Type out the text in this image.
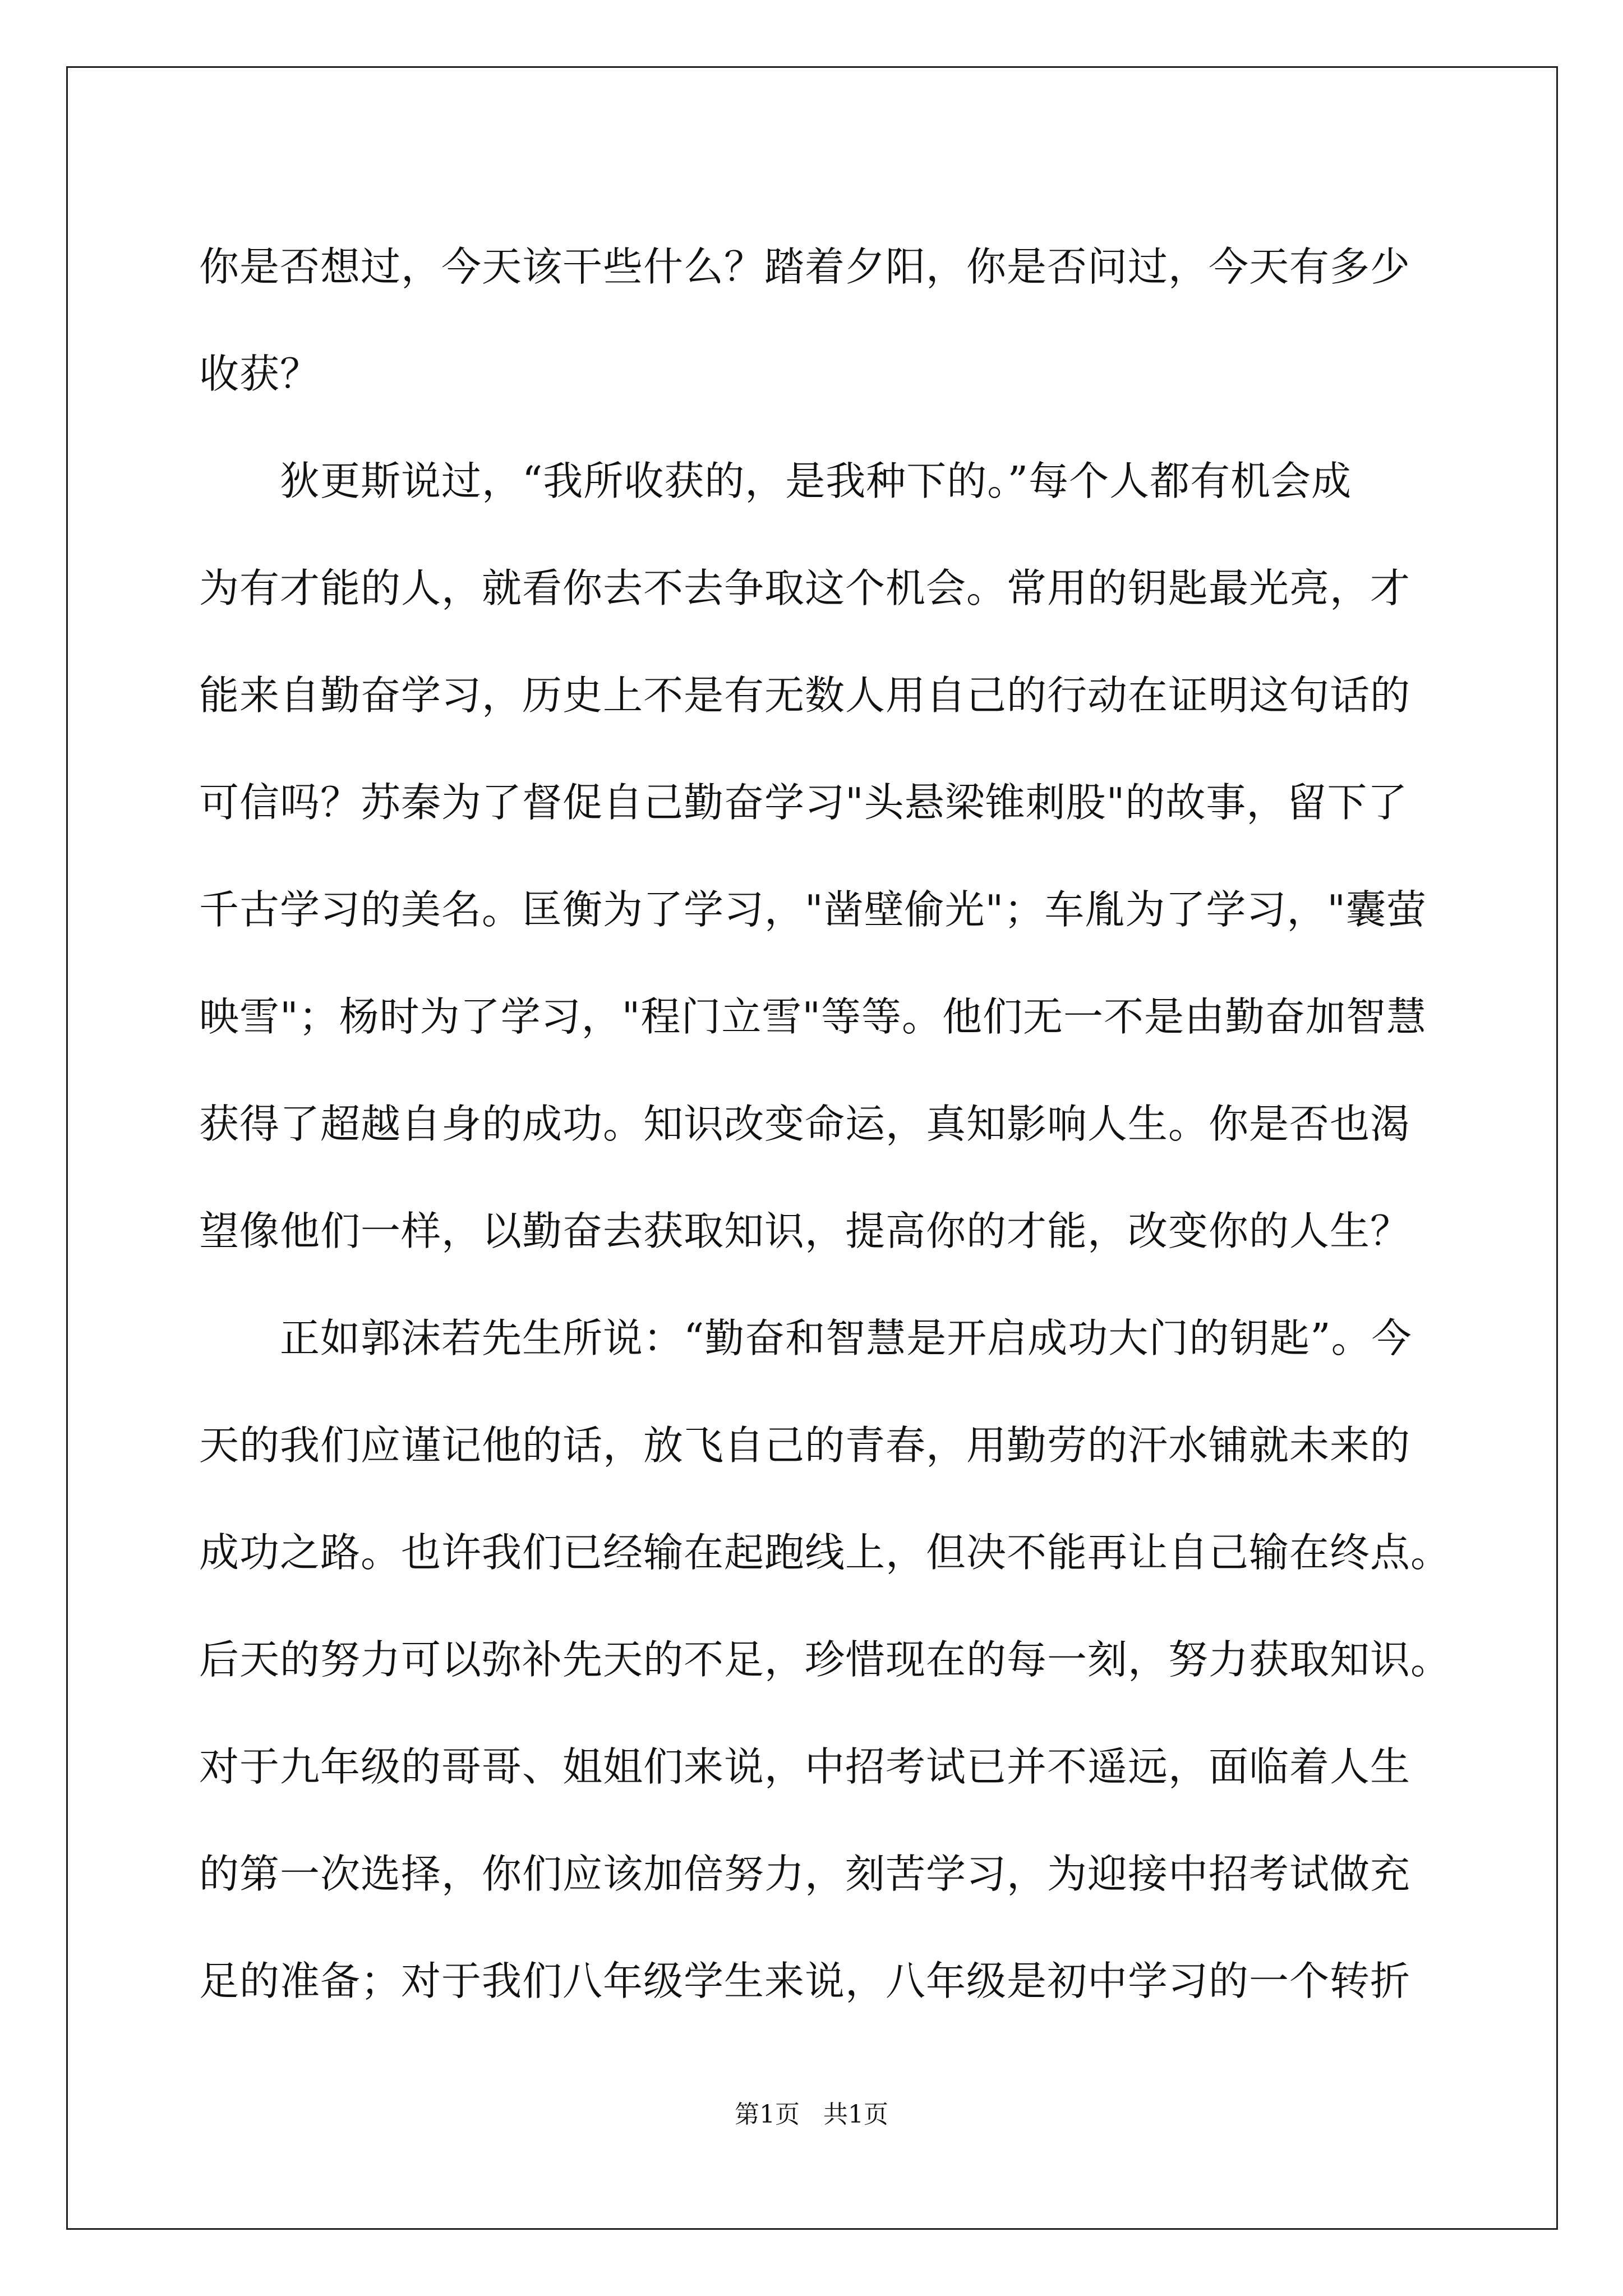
你是否想过，今天该干些什么？踏着夕阳，你是否问过，今天有多少
收获？
　　狄更斯说过，“我所收获的，是我种下的。”每个人都有机会成
为有才能的人，就看你去不去争取这个机会。常用的钥匙最光亮，才
能来自勤奋学习，历史上不是有无数人用自己的行动在证明这句话的
可信吗？苏秦为了督促自己勤奋学习"头悬梁锥刺股"的故事，留下了
千古学习的美名。匡衡为了学习，"凿壁偷光"；车胤为了学习，"囊萤
映雪"；杨时为了学习，"程门立雪"等等。他们无一不是由勤奋加智慧
获得了超越自身的成功。知识改变命运，真知影响人生。你是否也渴
望像他们一样，以勤奋去获取知识，提高你的才能，改变你的人生？
　　正如郭沫若先生所说：“勤奋和智慧是开启成功大门的钥匙”。今
天的我们应谨记他的话，放飞自己的青春，用勤劳的汗水铺就未来的
成功之路。也许我们已经输在起跑线上，但决不能再让自己输在终点。
后天的努力可以弥补先天的不足，珍惜现在的每一刻，努力获取知识。
对于九年级的哥哥、姐姐们来说，中招考试已并不遥远，面临着人生
的第一次选择，你们应该加倍努力，刻苦学习，为迎接中招考试做充
足的准备；对于我们八年级学生来说，八年级是初中学习的一个转折
第1页   共1页
